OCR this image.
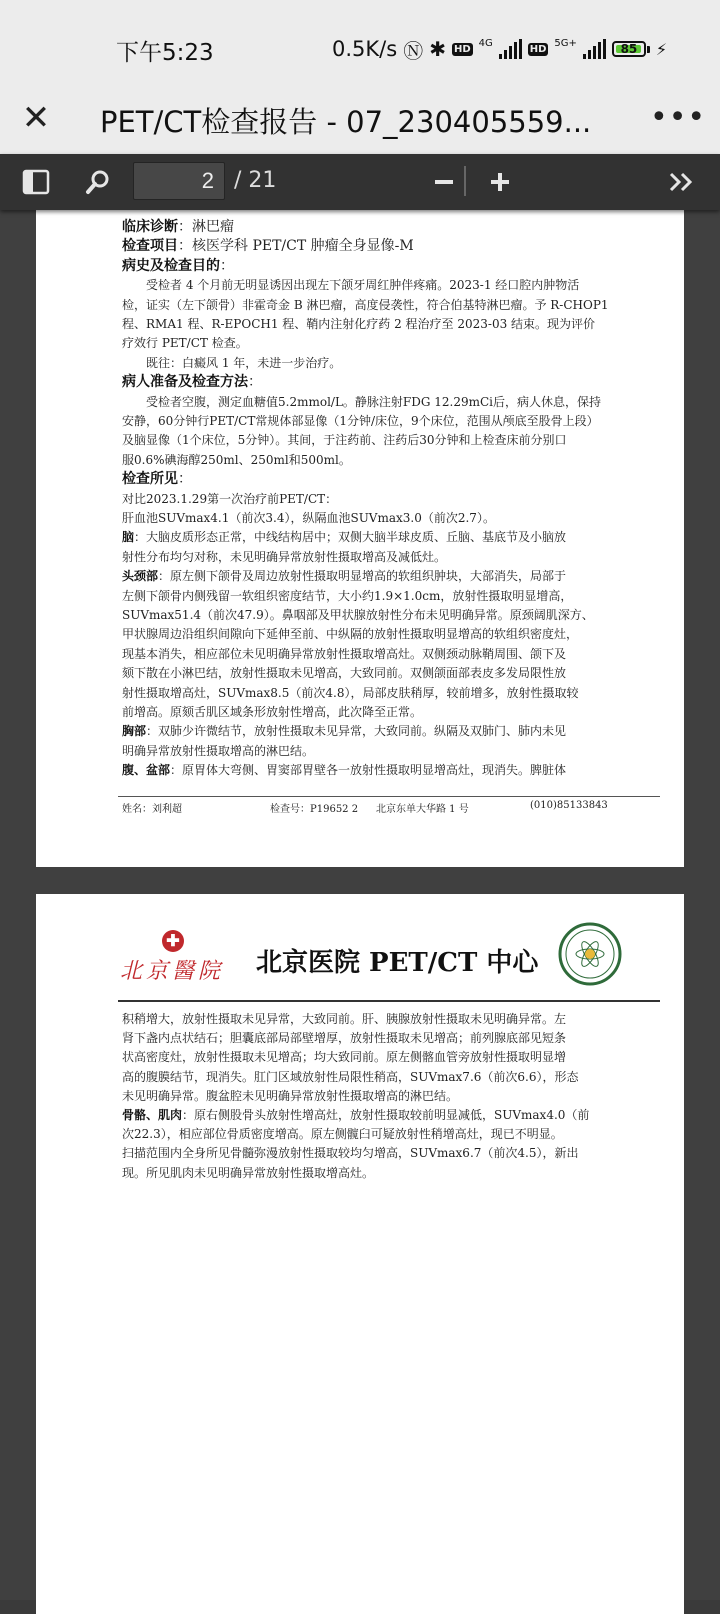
下午5:23	0.5K/s Ⓝ ✱ HD 4G	HD 5G+	85	⚡
✕ PET/CT检查报告 - 07_230405559...	•••
2
/ 21
临床诊断：淋巴瘤
检查项目：核医学科 PET/CT 肿瘤全身显像-M
病史及检查目的：
　　受检者 4 个月前无明显诱因出现左下颌牙周红肿伴疼痛。2023-1 经口腔内肿物活
检，证实（左下颌骨）非霍奇金 B 淋巴瘤，高度侵袭性，符合伯基特淋巴瘤。予 R-CHOP1
程、RMA1 程、R-EPOCH1 程、鞘内注射化疗药 2 程治疗至 2023-03 结束。现为评价
疗效行 PET/CT 检查。
　　既往：白癜风 1 年，未进一步治疗。
病人准备及检查方法：
　　受检者空腹，测定血糖值5.2mmol/L。静脉注射FDG 12.29mCi后，病人休息，保持
安静，60分钟行PET/CT常规体部显像（1分钟/床位，9个床位，范围从颅底至股骨上段）
及脑显像（1个床位，5分钟）。其间，于注药前、注药后30分钟和上检查床前分别口
服0.6%碘海醇250ml、250ml和500ml。
检查所见：
对比2023.1.29第一次治疗前PET/CT：
肝血池SUVmax4.1（前次3.4），纵隔血池SUVmax3.0（前次2.7）。
脑：大脑皮质形态正常，中线结构居中；双侧大脑半球皮质、丘脑、基底节及小脑放
射性分布均匀对称，未见明确异常放射性摄取增高及减低灶。
头颈部：原左侧下颌骨及周边放射性摄取明显增高的软组织肿块，大部消失，局部于
左侧下颌骨内侧残留一软组织密度结节，大小约1.9×1.0cm，放射性摄取明显增高，
SUVmax51.4（前次47.9）。鼻咽部及甲状腺放射性分布未见明确异常。原颈阔肌深方、
甲状腺周边沿组织间隙向下延伸至前、中纵隔的放射性摄取明显增高的软组织密度灶，
现基本消失，相应部位未见明确异常放射性摄取增高灶。双侧颈动脉鞘周围、颌下及
颏下散在小淋巴结，放射性摄取未见增高，大致同前。双侧颌面部表皮多发局限性放
射性摄取增高灶，SUVmax8.5（前次4.8），局部皮肤稍厚，较前增多，放射性摄取较
前增高。原颏舌肌区域条形放射性增高，此次降至正常。
胸部：双肺少许微结节，放射性摄取未见异常，大致同前。纵隔及双肺门、肺内未见
明确异常放射性摄取增高的淋巴结。
腹、盆部：原胃体大弯侧、胃窦部胃壁各一放射性摄取明显增高灶，现消失。脾脏体
姓名：刘利超	检查号：P19652 2 北京东单大华路 1 号	(010)85133843
✚
北京醫院 北京医院 PET/CT 中心
积稍增大，放射性摄取未见异常，大致同前。肝、胰腺放射性摄取未见明确异常。左
肾下盏内点状结石；胆囊底部局部壁增厚，放射性摄取未见增高；前列腺底部见短条
状高密度灶，放射性摄取未见增高；均大致同前。原左侧髂血管旁放射性摄取明显增
高的腹膜结节，现消失。肛门区域放射性局限性稍高，SUVmax7.6（前次6.6），形态
未见明确异常。腹盆腔未见明确异常放射性摄取增高的淋巴结。
骨骼、肌肉：原右侧股骨头放射性增高灶，放射性摄取较前明显减低，SUVmax4.0（前
次22.3），相应部位骨质密度增高。原左侧髋臼可疑放射性稍增高灶，现已不明显。
扫描范围内全身所见骨髓弥漫放射性摄取较均匀增高，SUVmax6.7（前次4.5），新出
现。所见肌肉未见明确异常放射性摄取增高灶。
